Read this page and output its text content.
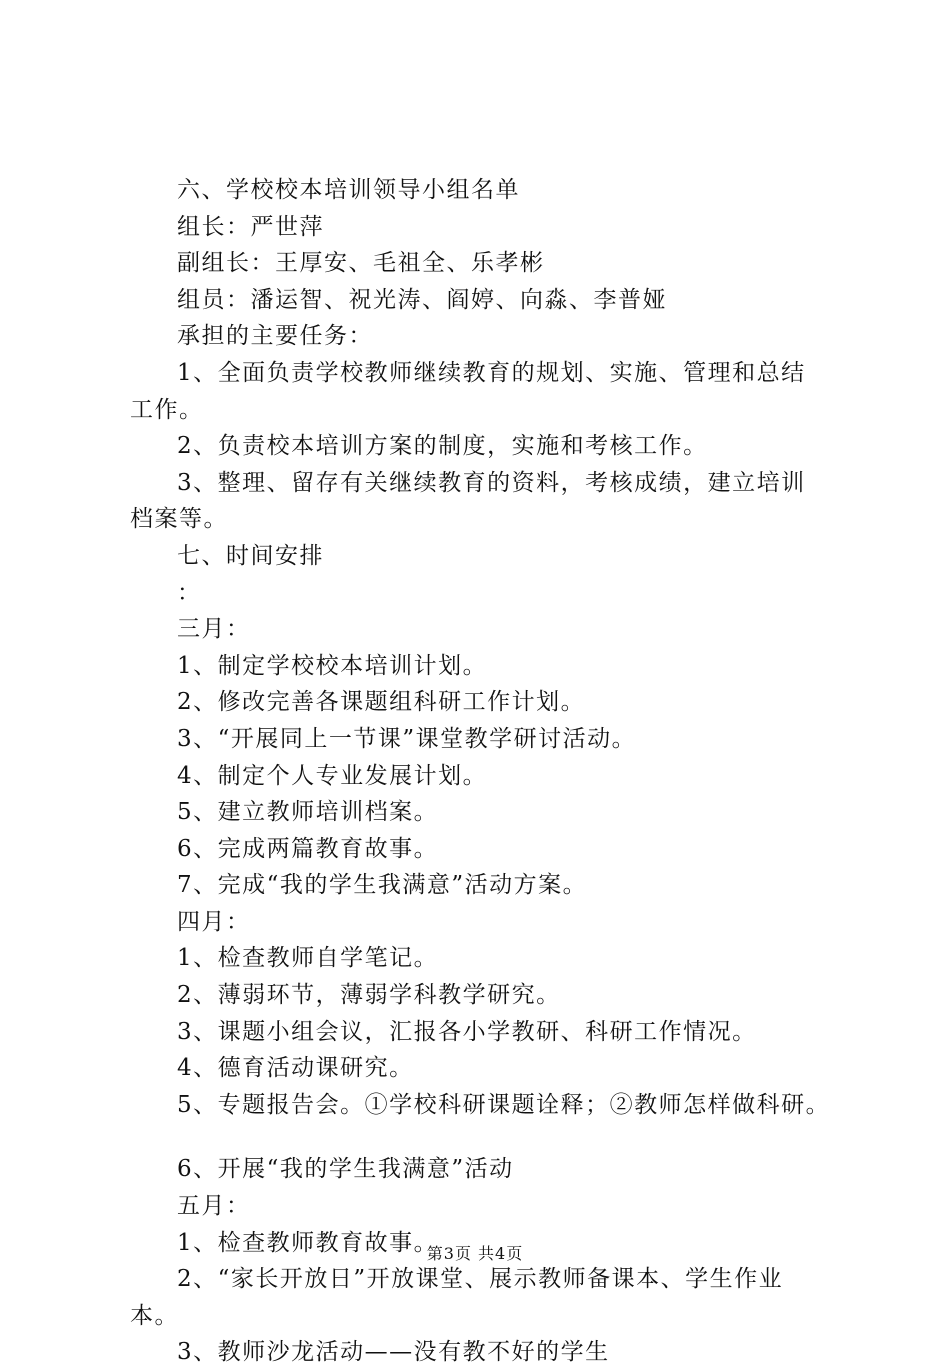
六、学校校本培训领导小组名单
组长：严世萍
副组长：王厚安、毛祖全、乐孝彬
组员：潘运智、祝光涛、阎婷、向淼、李普娅
承担的主要任务：
1、全面负责学校教师继续教育的规划、实施、管理和总结
工作。
2、负责校本培训方案的制度，实施和考核工作。
3、整理、留存有关继续教育的资料，考核成绩，建立培训
档案等。
七、时间安排
：
三月：
1、制定学校校本培训计划。
2、修改完善各课题组科研工作计划。
3、“开展同上一节课”课堂教学研讨活动。
4、制定个人专业发展计划。
5、建立教师培训档案。
6、完成两篇教育故事。
7、完成“我的学生我满意”活动方案。
四月：
1、检查教师自学笔记。
2、薄弱环节，薄弱学科教学研究。
3、课题小组会议，汇报各小学教研、科研工作情况。
4、德育活动课研究。
5、专题报告会。①学校科研课题诠释；②教师怎样做科研。
6、开展“我的学生我满意”活动
五月：
1、检查教师教育故事。
2、“家长开放日”开放课堂、展示教师备课本、学生作业
本。
3、教师沙龙活动——没有教不好的学生
第3页 共4页
